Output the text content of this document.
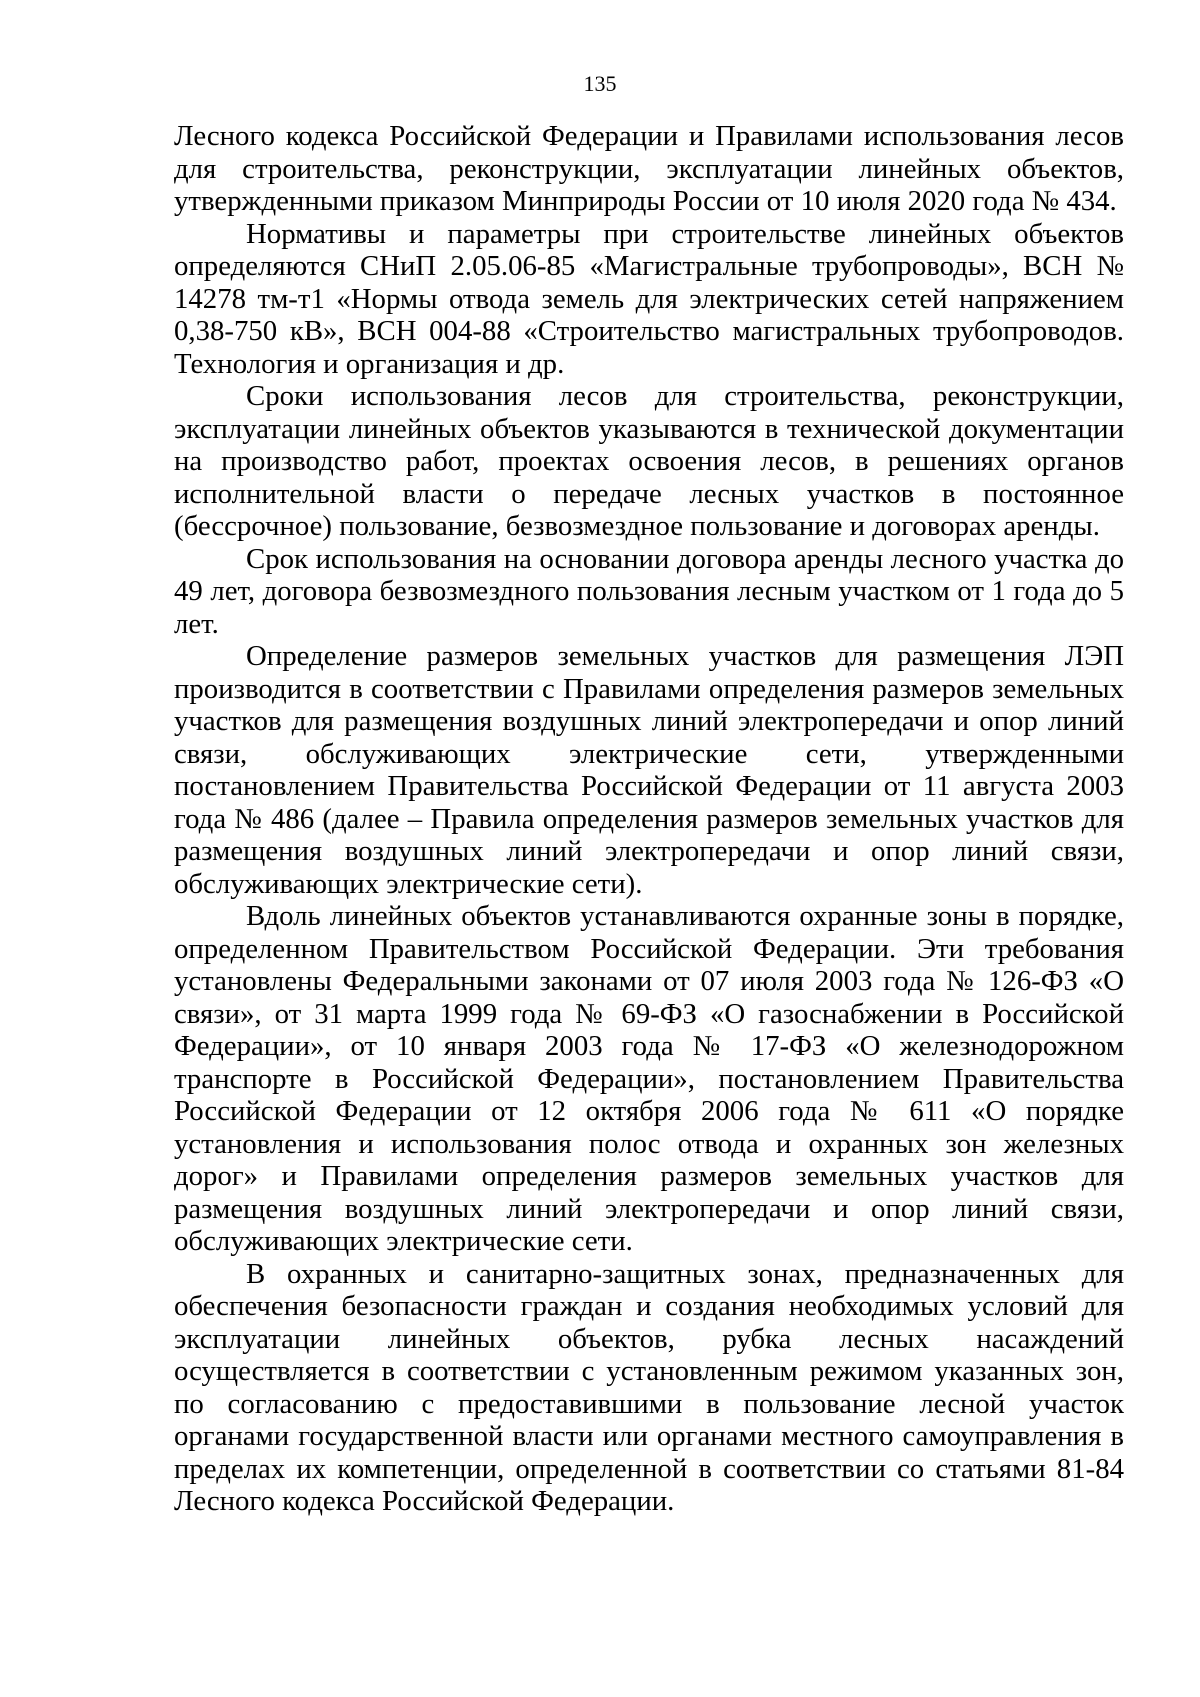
135

Лесного кодекса Российской Федерации и Правилами использования лесов для строительства, реконструкции, эксплуатации линейных объектов, утвержденными приказом Минприроды России от 10 июля 2020 года № 434.

Нормативы и параметры при строительстве линейных объектов определяются СНиП 2.05.06-85 «Магистральные трубопроводы», ВСН № 14278 тм-т1 «Нормы отвода земель для электрических сетей напряжением 0,38-750 кВ», ВСН 004-88 «Строительство магистральных трубопроводов. Технология и организация и др.

Сроки использования лесов для строительства, реконструкции, эксплуатации линейных объектов указываются в технической документации на производство работ, проектах освоения лесов, в решениях органов исполнительной власти о передаче лесных участков в постоянное (бессрочное) пользование, безвозмездное пользование и договорах аренды.

Срок использования на основании договора аренды лесного участка до 49 лет, договора безвозмездного пользования лесным участком от 1 года до 5 лет.

Определение размеров земельных участков для размещения ЛЭП производится в соответствии с Правилами определения размеров земельных участков для размещения воздушных линий электропередачи и опор линий связи, обслуживающих электрические сети, утвержденными постановлением Правительства Российской Федерации от 11 августа 2003 года № 486 (далее – Правила определения размеров земельных участков для размещения воздушных линий электропередачи и опор линий связи, обслуживающих электрические сети).

Вдоль линейных объектов устанавливаются охранные зоны в порядке, определенном Правительством Российской Федерации. Эти требования установлены Федеральными законами от 07 июля 2003 года № 126-ФЗ «О связи», от 31 марта 1999 года № 69-ФЗ «О газоснабжении в Российской Федерации», от 10 января 2003 года № 17-ФЗ «О железнодорожном транспорте в Российской Федерации», постановлением Правительства Российской Федерации от 12 октября 2006 года № 611 «О порядке установления и использования полос отвода и охранных зон железных дорог» и Правилами определения размеров земельных участков для размещения воздушных линий электропередачи и опор линий связи, обслуживающих электрические сети.

В охранных и санитарно-защитных зонах, предназначенных для обеспечения безопасности граждан и создания необходимых условий для эксплуатации линейных объектов, рубка лесных насаждений осуществляется в соответствии с установленным режимом указанных зон, по согласованию с предоставившими в пользование лесной участок органами государственной власти или органами местного самоуправления в пределах их компетенции, определенной в соответствии со статьями 81-84 Лесного кодекса Российской Федерации.
